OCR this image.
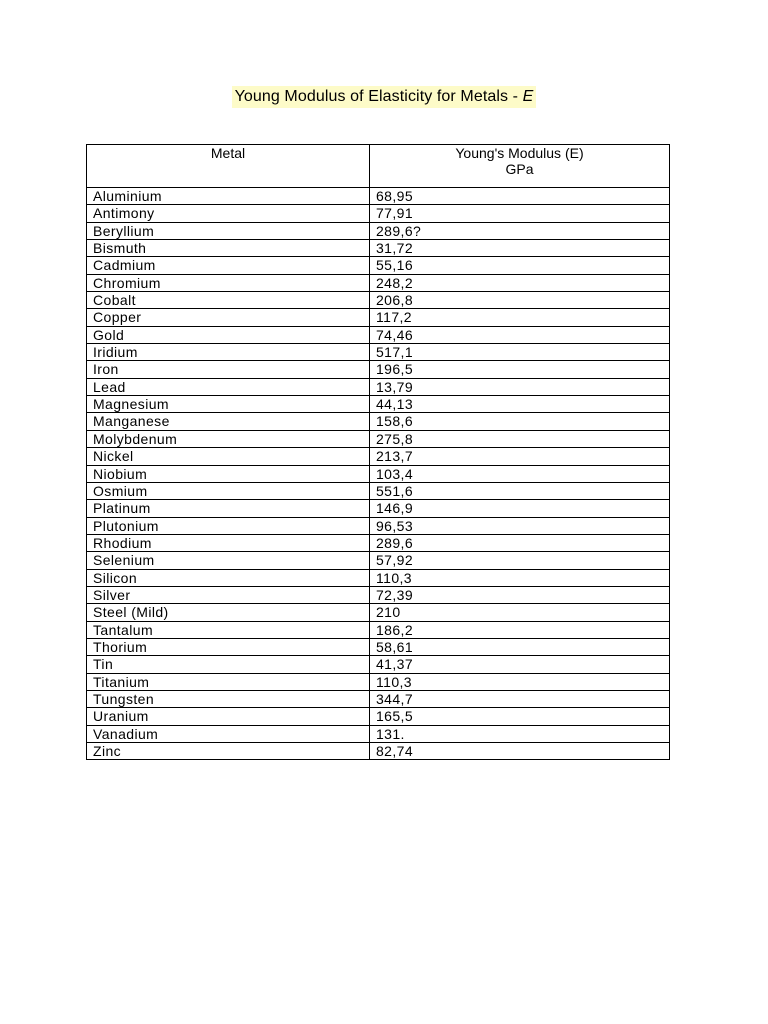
Young Modulus of Elasticity for Metals - E
Metal	Young's Modulus (E)
GPa

Aluminium	68,95
Antimony	77,91
Beryllium	289,6?
Bismuth	31,72
Cadmium	55,16
Chromium	248,2
Cobalt	206,8
Copper	117,2
Gold	74,46
Iridium	517,1
Iron	196,5
Lead	13,79
Magnesium	44,13
Manganese	158,6
Molybdenum	275,8
Nickel	213,7
Niobium	103,4
Osmium	551,6
Platinum	146,9
Plutonium	96,53
Rhodium	289,6
Selenium	57,92
Silicon	110,3
Silver	72,39
Steel (Mild)	210
Tantalum	186,2
Thorium	58,61
Tin	41,37
Titanium	110,3
Tungsten	344,7
Uranium	165,5
Vanadium	131.
Zinc	82,74
